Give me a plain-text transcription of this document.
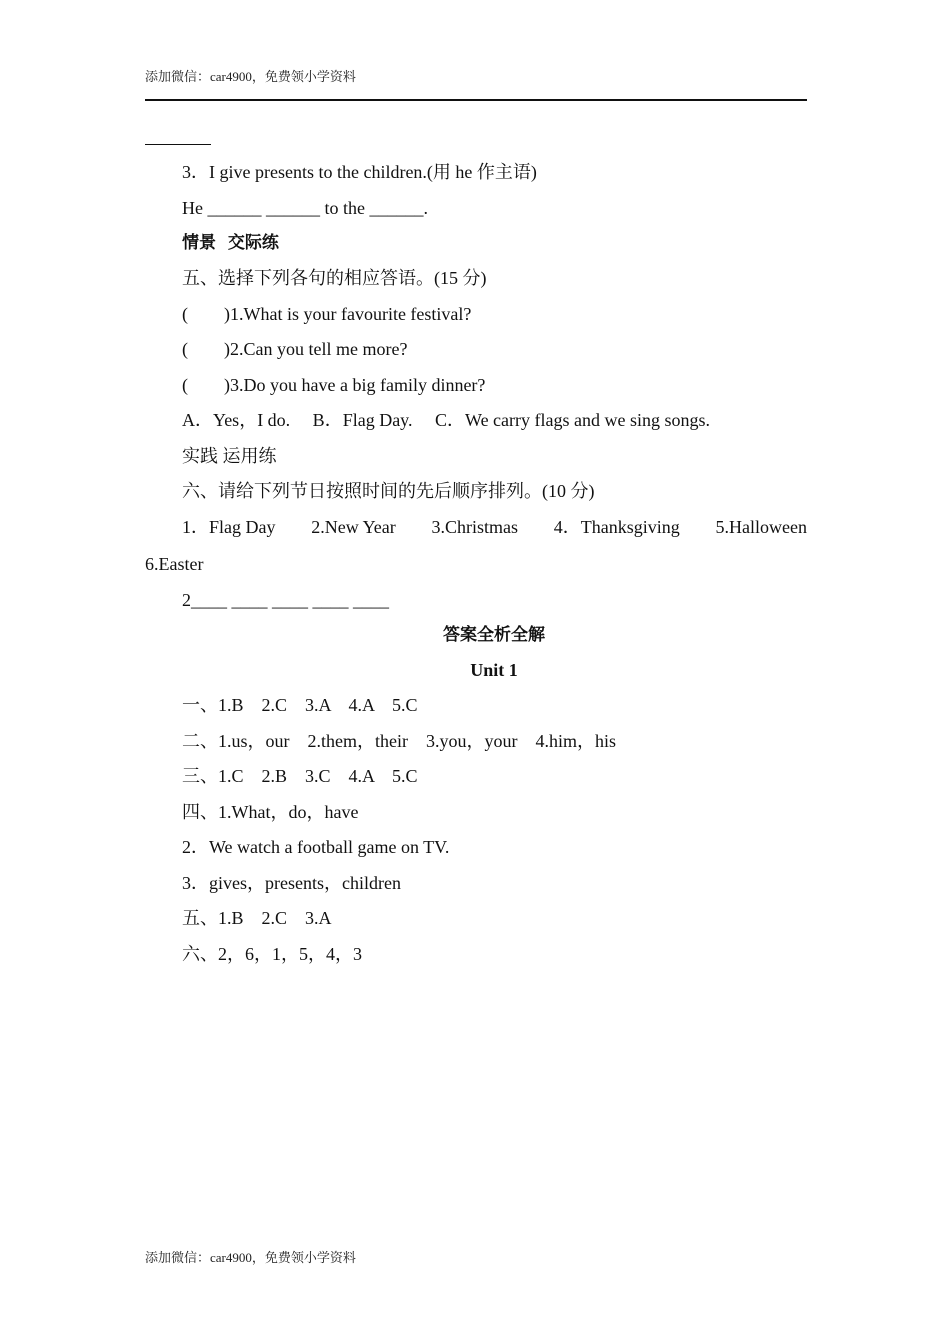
添加微信：car4900，免费领小学资料
3．I give presents to the children.(用 he 作主语)
He ______ ______ to the ______.
情景  交际练
五、选择下列各句的相应答语。(15 分)
(        )1.What is your favourite festival?
(        )2.Can you tell me more?
(        )3.Do you have a big family dinner?
A．Yes，I do.     B．Flag Day.     C．We carry flags and we sing songs.
实践 运用练
六、请给下列节日按照时间的先后顺序排列。(10 分)
1．Flag Day 2.New Year 3.Christmas 4．Thanksgiving 5.Halloween
6.Easter
2____ ____ ____ ____ ____
答案全析全解
Unit 1
一、1.B    2.C    3.A    4.A    5.C
二、1.us，our    2.them，their    3.you，your    4.him，his
三、1.C    2.B    3.C    4.A    5.C
四、1.What，do，have
2．We watch a football game on TV.
3．gives，presents，children
五、1.B    2.C    3.A
六、2，6，1，5，4，3
添加微信：car4900，免费领小学资料
